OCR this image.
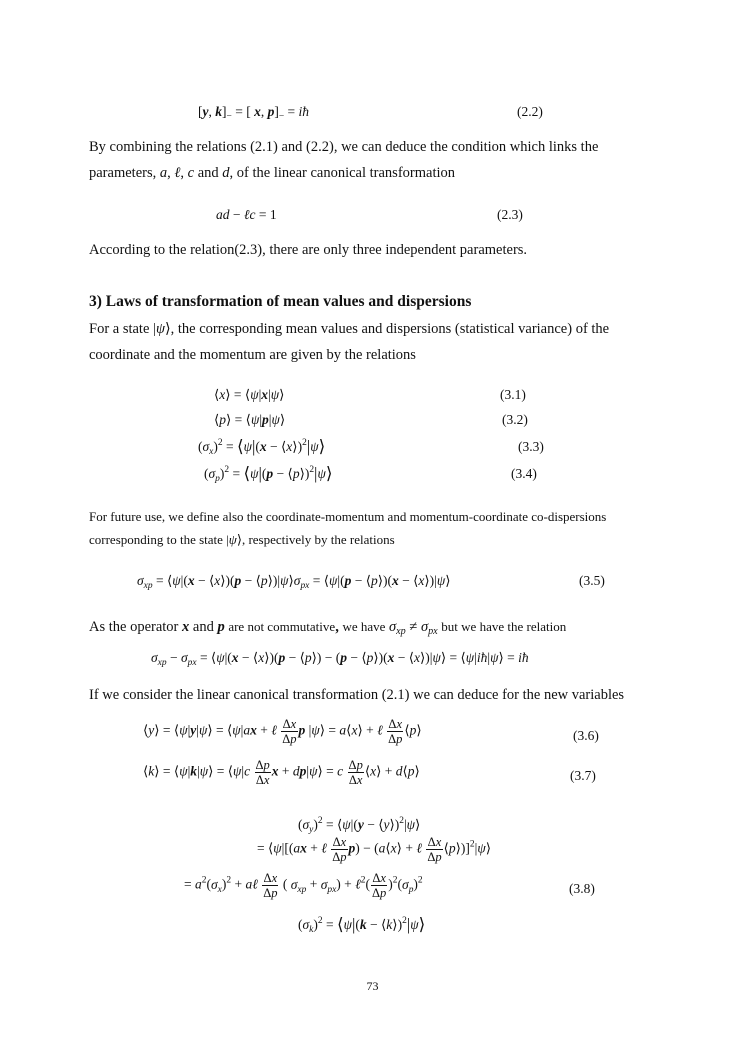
[y, $k]_-$ = [ x, $p]_-$ = iħ	(2.2)
By combining the relations (2.1) and (2.2), we can deduce the condition which links the
parameters, a, ℓ, c and d, of the linear canonical transformation
ad − ℓc = 1	(2.3)
According to the relation(2.3), there are only three independent parameters.
3) Laws of transformation of mean values and dispersions
For a state |ψ⟩, the corresponding mean values and dispersions (statistical variance) of the
coordinate and the momentum are given by the relations
⟨x⟩ = ⟨ψ|x|ψ⟩	(3.1)
⟨p⟩ = ⟨ψ|p|ψ⟩	(3.2)
$(\sigma_x)^2$ = ⟨ψ|(x − ⟨x⟩)$^2$|ψ⟩	(3.3)
$(\sigma_p)^2$ = ⟨ψ|(p − ⟨p⟩)$^2$|ψ⟩	(3.4)
For future use, we define also the coordinate-momentum and momentum-coordinate co-dispersions
corresponding to the state |ψ⟩, respectively by the relations
$\sigma_{xp}$ = ⟨ψ|(x − ⟨x⟩)(p − $⟨p⟩)|\psi⟩\sigma_{px}$ = ⟨ψ|(p − ⟨p⟩)(x − ⟨x⟩)|ψ⟩	(3.5)
As the operator x and p are not commutative, we have $\sigma_{xp} \ne \sigma_{px}$ but we have the relation
$\sigma_{xp} - \sigma_{px}$ = ⟨ψ|(x − ⟨x⟩)(p − ⟨p⟩) − (p − ⟨p⟩)(x − ⟨x⟩)|ψ⟩ = ⟨ψ|iħ|ψ⟩ = iħ
If we consider the linear canonical transformation (2.1) we can deduce for the new variables
⟨y⟩ = ⟨ψ|y|ψ⟩ = ⟨ψ|ax + ℓ $\frac{\Delta x}{\Delta p}$ p |ψ⟩ = a⟨x⟩ + ℓ $\frac{\Delta x}{\Delta p}$ ⟨p⟩	(3.6)
⟨k⟩ = ⟨ψ|k|ψ⟩ = ⟨ψ|c $\frac{\Delta p}{\Delta x}$ x + dp|ψ⟩ = c $\frac{\Delta p}{\Delta x}$ ⟨x⟩ + d⟨p⟩	(3.7)
$(\sigma_y)^2$ = ⟨ψ|(y − ⟨y⟩)$^2$|ψ⟩
= ⟨ψ|[(ax + ℓ $\frac{\Delta x}{\Delta p} p$) − (a⟨x⟩ + ℓ $\frac{\Delta x}{\Delta p}$ ⟨p⟩)]$^2$|ψ⟩
= $a^2(\sigma_x)^2$ + aℓ $\frac{\Delta x}{\Delta p}$ ( $\sigma_{xp} + \sigma_{px}$) + ℓ$^2$( $\frac{\Delta x}{\Delta p} )^2(\sigma_p)^2$
(3.8)
$(\sigma_k)^2$ = ⟨ψ|(k − ⟨k⟩)$^2$|ψ⟩
73
